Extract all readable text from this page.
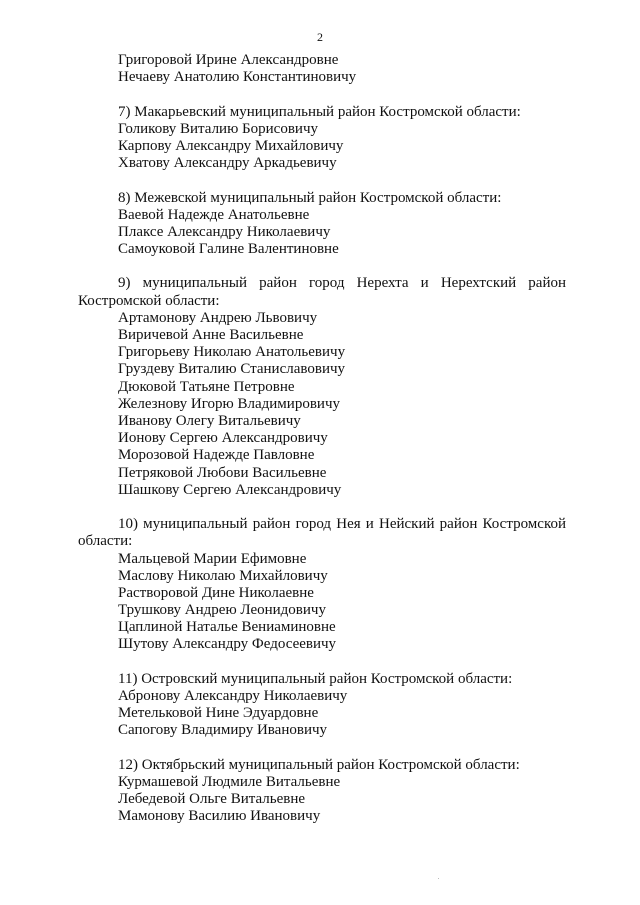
2
Григоровой Ирине Александровне
Нечаеву Анатолию Константиновичу
7) Макарьевский муниципальный район Костромской области:
Голикову Виталию Борисовичу
Карпову Александру Михайловичу
Хватову Александру Аркадьевичу
8) Межевской муниципальный район Костромской области:
Ваевой Надежде Анатольевне
Плаксе Александру Николаевичу
Самоуковой Галине Валентиновне
9) муниципальный район город Нерехта и Нерехтский район Костромской области:
Артамонову Андрею Львовичу
Виричевой Анне Васильевне
Григорьеву Николаю Анатольевичу
Груздеву Виталию Станиславовичу
Дюковой Татьяне Петровне
Железнову Игорю Владимировичу
Иванову Олегу Витальевичу
Ионову Сергею Александровичу
Морозовой Надежде Павловне
Петряковой Любови Васильевне
Шашкову Сергею Александровичу
10) муниципальный район город Нея и Нейский район Костромской области:
Мальцевой Марии Ефимовне
Маслову Николаю Михайловичу
Растворовой Дине Николаевне
Трушкову Андрею Леонидовичу
Цаплиной Наталье Вениаминовне
Шутову Александру Федосеевичу
11) Островский муниципальный район Костромской области:
Абронову Александру Николаевичу
Метельковой Нине Эдуардовне
Сапогову Владимиру Ивановичу
12) Октябрьский муниципальный район Костромской области:
Курмашевой Людмиле Витальевне
Лебедевой Ольге Витальевне
Мамонову Василию Ивановичу
